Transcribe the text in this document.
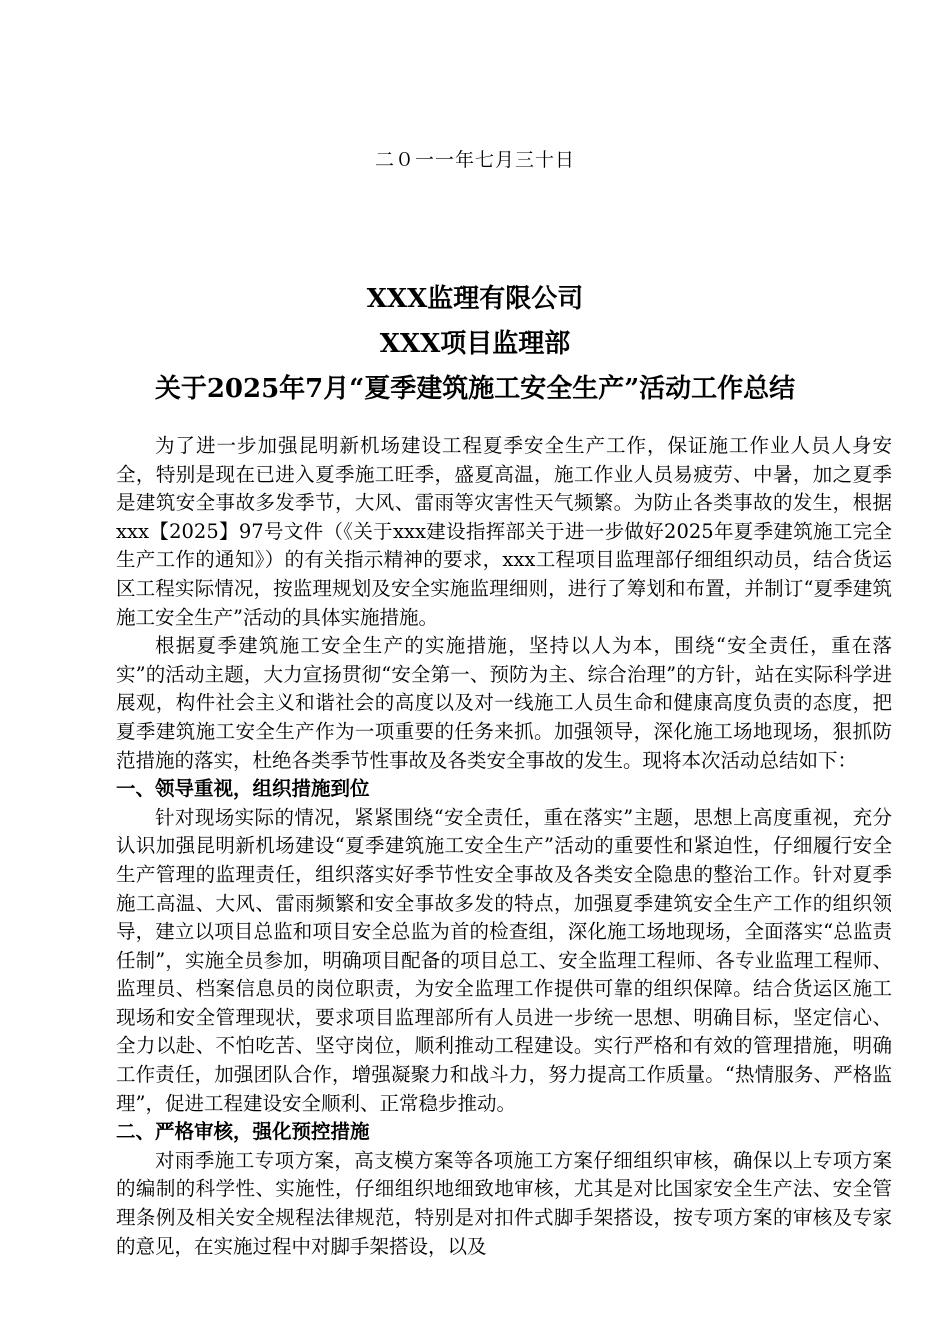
二０一一年七月三十日
XXX监理有限公司
XXX项目监理部
关于2025年7月“夏季建筑施工安全生产”活动工作总结

为了进一步加强昆明新机场建设工程夏季安全生产工作，保证施工作业人员人身安全，特别是现在已进入夏季施工旺季，盛夏高温，施工作业人员易疲劳、中暑，加之夏季是建筑安全事故多发季节，大风、雷雨等灾害性天气频繁。为防止各类事故的发生，根据xxx【2025】97号文件（《关于xxx建设指挥部关于进一步做好2025年夏季建筑施工完全生产工作的通知》）的有关指示精神的要求，xxx工程项目监理部仔细组织动员，结合货运区工程实际情况，按监理规划及安全实施监理细则，进行了筹划和布置，并制订“夏季建筑施工安全生产”活动的具体实施措施。

根据夏季建筑施工安全生产的实施措施，坚持以人为本，围绕“安全责任，重在落实”的活动主题，大力宣扬贯彻“安全第一、预防为主、综合治理”的方针，站在实际科学进展观，构件社会主义和谐社会的高度以及对一线施工人员生命和健康高度负责的态度，把夏季建筑施工安全生产作为一项重要的任务来抓。加强领导，深化施工场地现场，狠抓防范措施的落实，杜绝各类季节性事故及各类安全事故的发生。现将本次活动总结如下：

一、领导重视，组织措施到位

针对现场实际的情况，紧紧围绕“安全责任，重在落实”主题，思想上高度重视，充分认识加强昆明新机场建设“夏季建筑施工安全生产”活动的重要性和紧迫性，仔细履行安全生产管理的监理责任，组织落实好季节性安全事故及各类安全隐患的整治工作。针对夏季施工高温、大风、雷雨频繁和安全事故多发的特点，加强夏季建筑安全生产工作的组织领导，建立以项目总监和项目安全总监为首的检查组，深化施工场地现场，全面落实“总监责任制”，实施全员参加，明确项目配备的项目总工、安全监理工程师、各专业监理工程师、监理员、档案信息员的岗位职责，为安全监理工作提供可靠的组织保障。结合货运区施工现场和安全管理现状，要求项目监理部所有人员进一步统一思想、明确目标，坚定信心、全力以赴、不怕吃苦、坚守岗位，顺利推动工程建设。实行严格和有效的管理措施，明确工作责任，加强团队合作，增强凝聚力和战斗力，努力提高工作质量。“热情服务、严格监理”，促进工程建设安全顺利、正常稳步推动。

二、严格审核，强化预控措施

对雨季施工专项方案，高支模方案等各项施工方案仔细组织审核，确保以上专项方案的编制的科学性、实施性，仔细组织地细致地审核，尤其是对比国家安全生产法、安全管理条例及相关安全规程法律规范，特别是对扣件式脚手架搭设，按专项方案的审核及专家的意见，在实施过程中对脚手架搭设，以及
